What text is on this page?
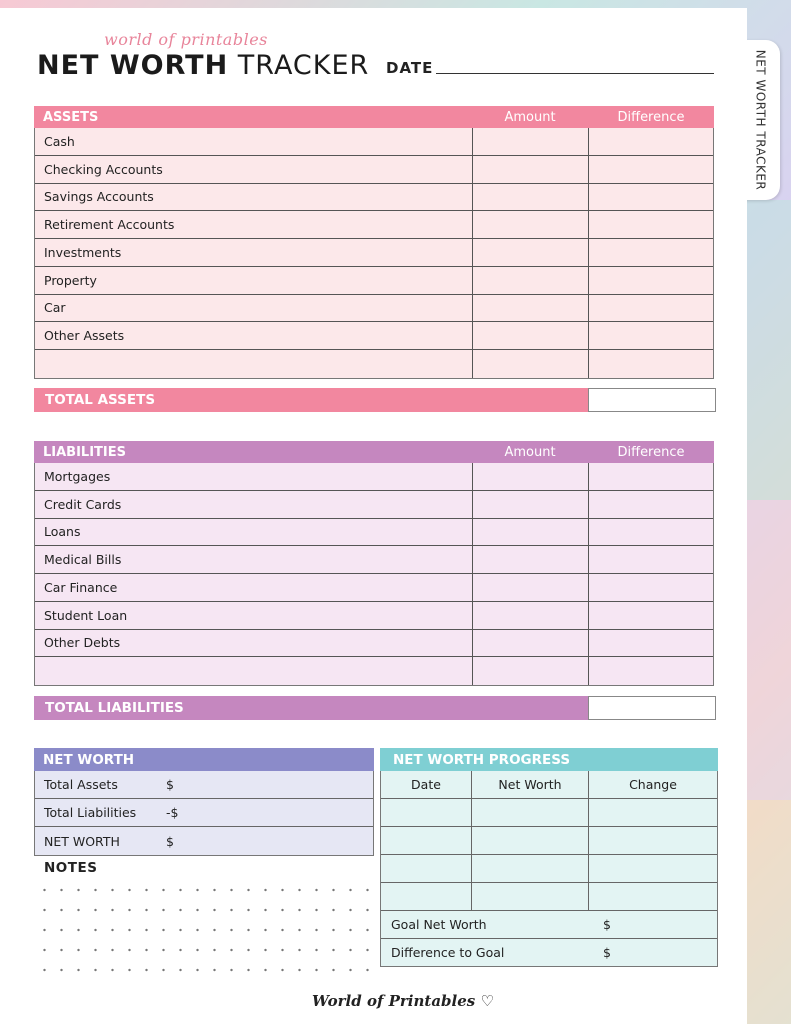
NET WORTH TRACKER
world of printables
NET WORTH TRACKER DATE
ASSETS	Amount	Difference
Cash
Checking Accounts
Savings Accounts
Retirement Accounts
Investments
Property
Car
Other Assets
TOTAL ASSETS
LIABILITIES	Amount	Difference
Mortgages
Credit Cards
Loans
Medical Bills
Car Finance
Student Loan
Other Debts
TOTAL LIABILITIES
NET WORTH
Total Assets	$
Total Liabilities	-$
NET WORTH	$
NOTES
NET WORTH PROGRESS
Date	Net Worth	Change
Goal Net Worth	$
Difference to Goal	$
World of Printables ♡
